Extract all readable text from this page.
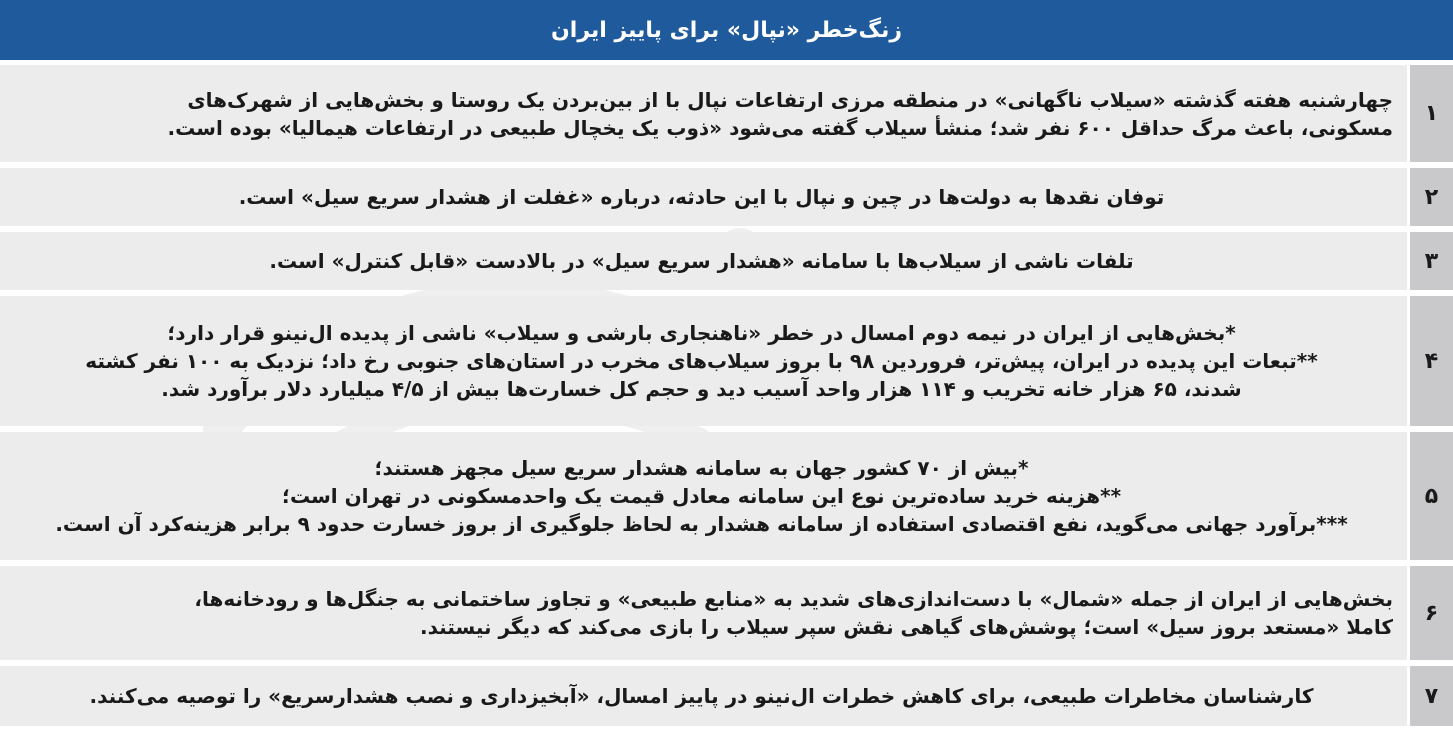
زنگ‌خطر «نپال» برای پاییز ایران
۱
چهارشنبه هفته گذشته «سیلاب ناگهانی» در منطقه مرزی ارتفاعات نپال با از بین‌بردن یک روستا و بخش‌هایی از شهرک‌های
مسکونی، باعث مرگ حداقل ۶۰۰ نفر شد؛ منشأ سیلاب گفته می‌شود «ذوب یک یخچال طبیعی در ارتفاعات هیمالیا» بوده است.
۲
توفان نقدها به دولت‌ها در چین و نپال با این حادثه، درباره «غفلت از هشدار سریع سیل» است.
۳
تلفات ناشی از سیلاب‌ها با سامانه «هشدار سریع سیل» در بالادست «قابل کنترل» است.
۴
*بخش‌هایی از ایران در نیمه دوم امسال در خطر «ناهنجاری بارشی و سیلاب» ناشی از پدیده ال‌نینو قرار دارد؛
**تبعات این پدیده در ایران، پیش‌تر، فروردین ۹۸ با بروز سیلاب‌های مخرب در استان‌های جنوبی رخ داد؛ نزدیک به ۱۰۰ نفر کشته
شدند، ۶۵ هزار خانه تخریب و ۱۱۴ هزار واحد آسیب دید و حجم کل خسارت‌ها بیش از ۴/۵ میلیارد دلار برآورد شد.
۵
*بیش از ۷۰ کشور جهان به سامانه هشدار سریع سیل مجهز هستند؛
**هزینه خرید ساده‌ترین نوع این سامانه معادل قیمت یک واحدمسکونی در تهران است؛
***برآورد جهانی می‌گوید، نفع اقتصادی استفاده از سامانه هشدار به لحاظ جلوگیری از بروز خسارت حدود ۹ برابر هزینه‌کرد آن است.
۶
بخش‌هایی از ایران از جمله «شمال» با دست‌اندازی‌های شدید به «منابع طبیعی» و تجاوز ساختمانی به جنگل‌ها و رودخانه‌ها،
کاملا «مستعد بروز سیل» است؛ پوشش‌های گیاهی نقش سپر سیلاب را بازی می‌کند که دیگر نیستند.
۷
کارشناسان مخاطرات طبیعی، برای کاهش خطرات ال‌نینو در پاییز امسال، «آبخیزداری و نصب هشدارسریع» را توصیه می‌کنند.
